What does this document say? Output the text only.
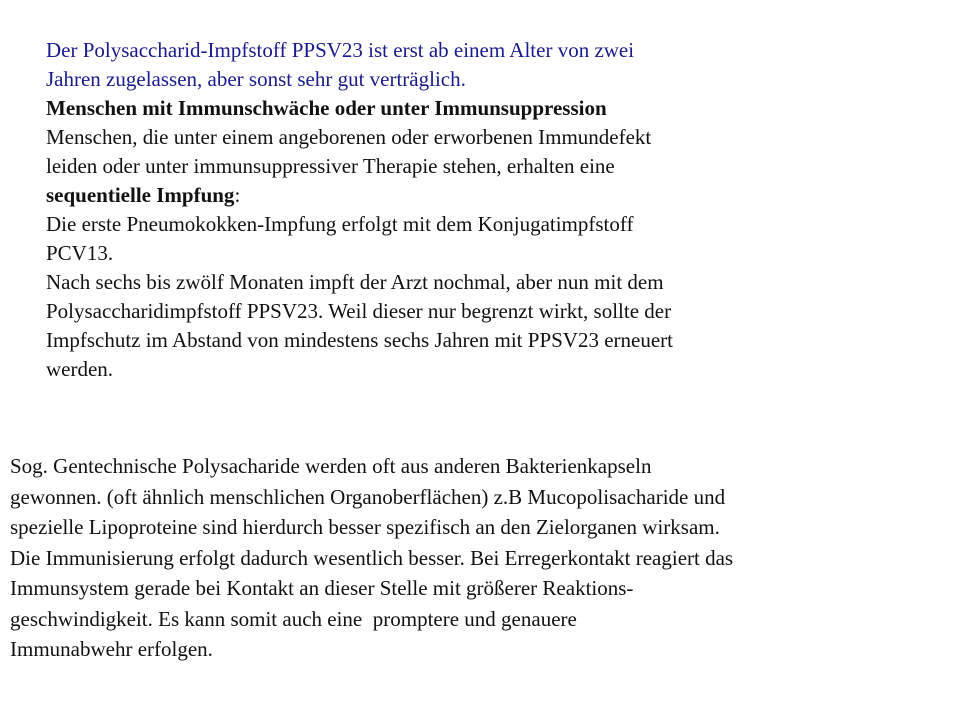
Der Polysaccharid-Impfstoff PPSV23 ist erst ab einem Alter von zwei
Jahren zugelassen, aber sonst sehr gut verträglich.
Menschen mit Immunschwäche oder unter Immunsuppression
Menschen, die unter einem angeborenen oder erworbenen Immundefekt
leiden oder unter immunsuppressiver Therapie stehen, erhalten eine
sequentielle Impfung:
Die erste Pneumokokken-Impfung erfolgt mit dem Konjugatimpfstoff
PCV13.
Nach sechs bis zwölf Monaten impft der Arzt nochmal, aber nun mit dem
Polysaccharidimpfstoff PPSV23. Weil dieser nur begrenzt wirkt, sollte der
Impfschutz im Abstand von mindestens sechs Jahren mit PPSV23 erneuert
werden.
Sog. Gentechnische Polysacharide werden oft aus anderen Bakterienkapseln
gewonnen. (oft ähnlich menschlichen Organoberflächen) z.B Mucopolisacharide und
spezielle Lipoproteine sind hierdurch besser spezifisch an den Zielorganen wirksam.
Die Immunisierung erfolgt dadurch wesentlich besser. Bei Erregerkontakt reagiert das
Immunsystem gerade bei Kontakt an dieser Stelle mit größerer Reaktions-
geschwindigkeit. Es kann somit auch eine  promptere und genauere
Immunabwehr erfolgen.
